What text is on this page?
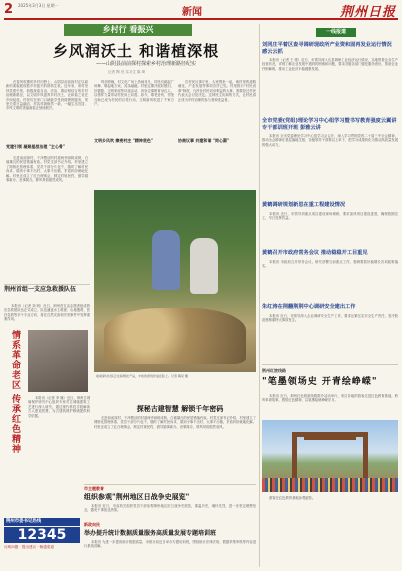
2 2025年3月3日 星期一
新闻	荆州日报
乡村行 看振兴
乡风润沃土 和谐植深根
——山阴县前前探村探索乡村治理新路径纪实
记者 陶 亮 实习生 陈 琦

在春风吹拂的乡村田野上，山阴县前前探村正以崭新的面貌展现着乡村振兴的勃勃生机。近年来，该村坚持党建引领，积极探索自治、法治、德治相结合的乡村治理新路径，以文明乡风滋养乡村沃土，让和谐之花在乡间绽放。村民们在家门口就能享受到便捷的服务，邻里关系日益融洽，村容村貌焕然一新，一幅生态宜居、乡风文明的美丽画卷正徐徐展开。

党建引领 凝聚基层治理 "主心骨"

走进前前探村，干净整洁的村道两旁绿树成荫，白墙黛瓦的民居错落有致。村党支部书记介绍，村里建立了网格化管理体系，党员干部分片包干，随时了解村民诉求，做到小事不出村、大事不出镇，矛盾纠纷就地化解。村里还成立了红白理事会，制定村规民约，倡导婚事新办、丧事简办，移风易俗蔚然成风。

每到傍晚，村文化广场上热闹非凡，村民们跳起广场舞、唱起地方戏，其乐融融。村里定期开展好媳妇、好婆婆、文明家庭等评选活动，用身边事教育身边人，以榜样力量带动村民向上向善。如今，尊老爱幼、邻里互助已成为村民的自觉行动，文明新风吹进了千家万户。

文明乡风吹 擦亮村庄 "精神底色"

在村民议事厅里，大家围坐一起，就村里的道路硬化、产业发展等事项各抒己见。村里推行"村民说事"制度，凡涉及村民切身利益的大事，都要经过村民代表大会讨论决定。这种民主协商的方式，让村民真正成为乡村治理的参与者和受益者。

协商议事 共建和谐 "同心圆"
前前探村村民正在晾晒农产品，丰收的喜悦洋溢在脸上。记者 陶亮 摄
荆州首组一支应急救援队伍

本报讯（记者 刘 明）近日，荆州首支由志愿者组成的应急救援队伍正式成立，队伍涵盖水上救援、山地搜救、医疗急救等多个专业方向，将在自然灾害和突发事件中发挥重要作用。

情系革命老区 传承红色精神	本报讯（记者 李 娜）近日，荆州古城墙保护研究中心组织专家对古城墙建筑工艺进行深入研究，通过现代科技手段解读古人建造智慧，为古建筑保护修缮提供科学依据。

探秘古建智慧 解锁千年密码

走进前前探村，干净整洁的村道两旁绿树成荫，白墙黛瓦的民居错落有致。村党支部书记介绍，村里建立了网格化管理体系，党员干部分片包干，随时了解村民诉求，做到小事不出村、大事不出镇，矛盾纠纷就地化解。村里还成立了红白理事会，制定村规民约，倡导婚事新办、丧事简办，移风易俗蔚然成风。

市主题教育
组织参观"荆州地区日战争史展览"

本报讯 近日，市直机关组织党员干部参观荆州地区抗日战争史展览，重温历史，缅怀先烈，进一步坚定理想信念，激发干事创业热情。

新政向民
举办提升统计数据质量服务高质量发展专题培训班

本报讯 为进一步提高统计数据质量，市统计局近日举办专题培训班，围绕统计法律法规、数据采集审核等内容进行系统讲解。

荆州市委书记热线
12345
反映问题 · 提出建议 · 畅通渠道
一线报道
刘同庄平着区查寻调研现政所产业资和固再发业运行情况 感云云抓

本报讯（记者 王 强）近日，市领导深入区县调研工业经济运行情况，实地察看企业生产经营状况，详细了解企业发展中遇到的困难和问题，要求各级各部门强化服务意识，帮助企业纾困解难，推动工业经济平稳健康发展。

全市党委(党组)理论学习中心组学习暨书写教育强度云翼讲专干部训班开班 彭雅云讲

本报讯 全市党委理论学习中心组学习会召开，深入学习贯彻党的二十届三中全会精神，推动全会精神在基层落地生根，各级领导干部要以上率下，把学习成果转化为推动高质量发展的强大动力。

黄鹤调研规划新思在重工程建设情况

本报讯 近日，市领导到重点项目建设现场调研，要求加快项目建设进度，确保按期完工，早日发挥效益。

黄鹤召开市政府常务会议 推动稳稳开工目重见

本报讯 市政府召开常务会议，研究部署当前重点工作，强调要抓好稳增长各项政策落实。

朱红涛在荆翻荆荆中心调研安全建出工作

本报讯 近日，市领导深入企业调研安全生产工作，要求压紧压实安全生产责任，坚决防范遏制重特大事故发生。

荆州红旅线路
"笔墨领场史 开青绘峥嵘"

本报讯 近日，荆州红色旅游线路推介活动举行，来自各地的游客走进红色教育基地，聆听革命故事，感悟红色精神，以笔墨绘就峥嵘岁月。

游客在红色教育基地参观留影。
